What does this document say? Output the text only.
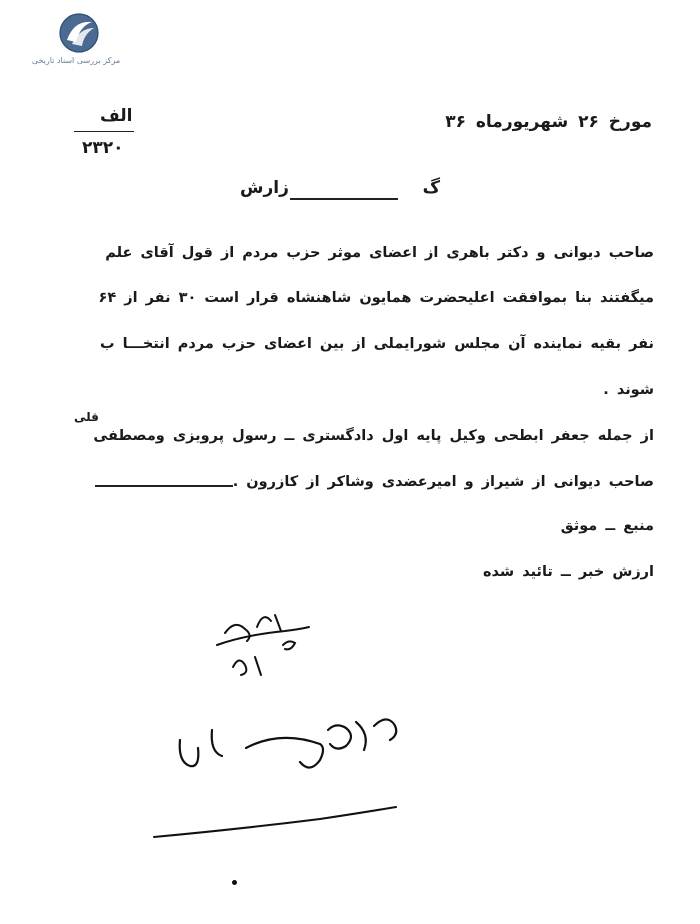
مرکز بررسی اسناد تاریخی
الف
۲۳۲۰
مورخ ۲۶ شهریورماه ۳۶
گ
زارش
صاحب دیوانی و دکتر باهری از اعضای موثر حزب مردم از قول آقای علم
میگفتند بنا بموافقت اعلیحضرت همایون شاهنشاه قرار است ۳۰ نفر از ۶۴
نفر بقیه نماینده آن مجلس شورایملی از بین اعضای حزب مردم انتخـــا ب
شوند .
قلی
از جمله جعفر ابطحی وکیل پایه اول دادگستری ــ رسول پرویزی ومصطفی
صاحب دیوانی از شیراز و امیرعضدی وشاکر از کازرون .
منبع ــ موثق
ارزش خبر ــ تائید شده
